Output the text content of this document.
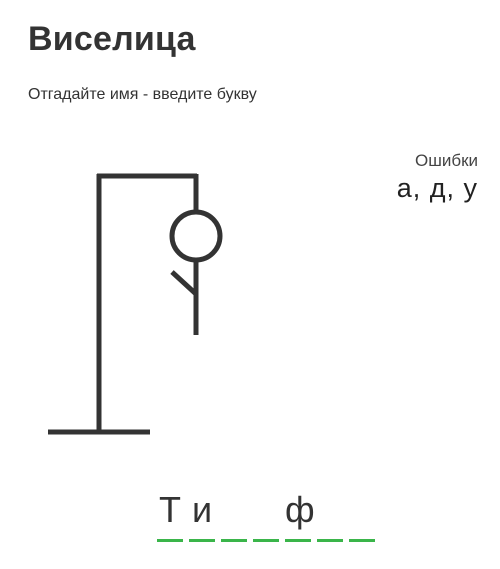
Виселица
Отгадайте имя - введите букву
Ошибки
а, д, у
Т и ф
